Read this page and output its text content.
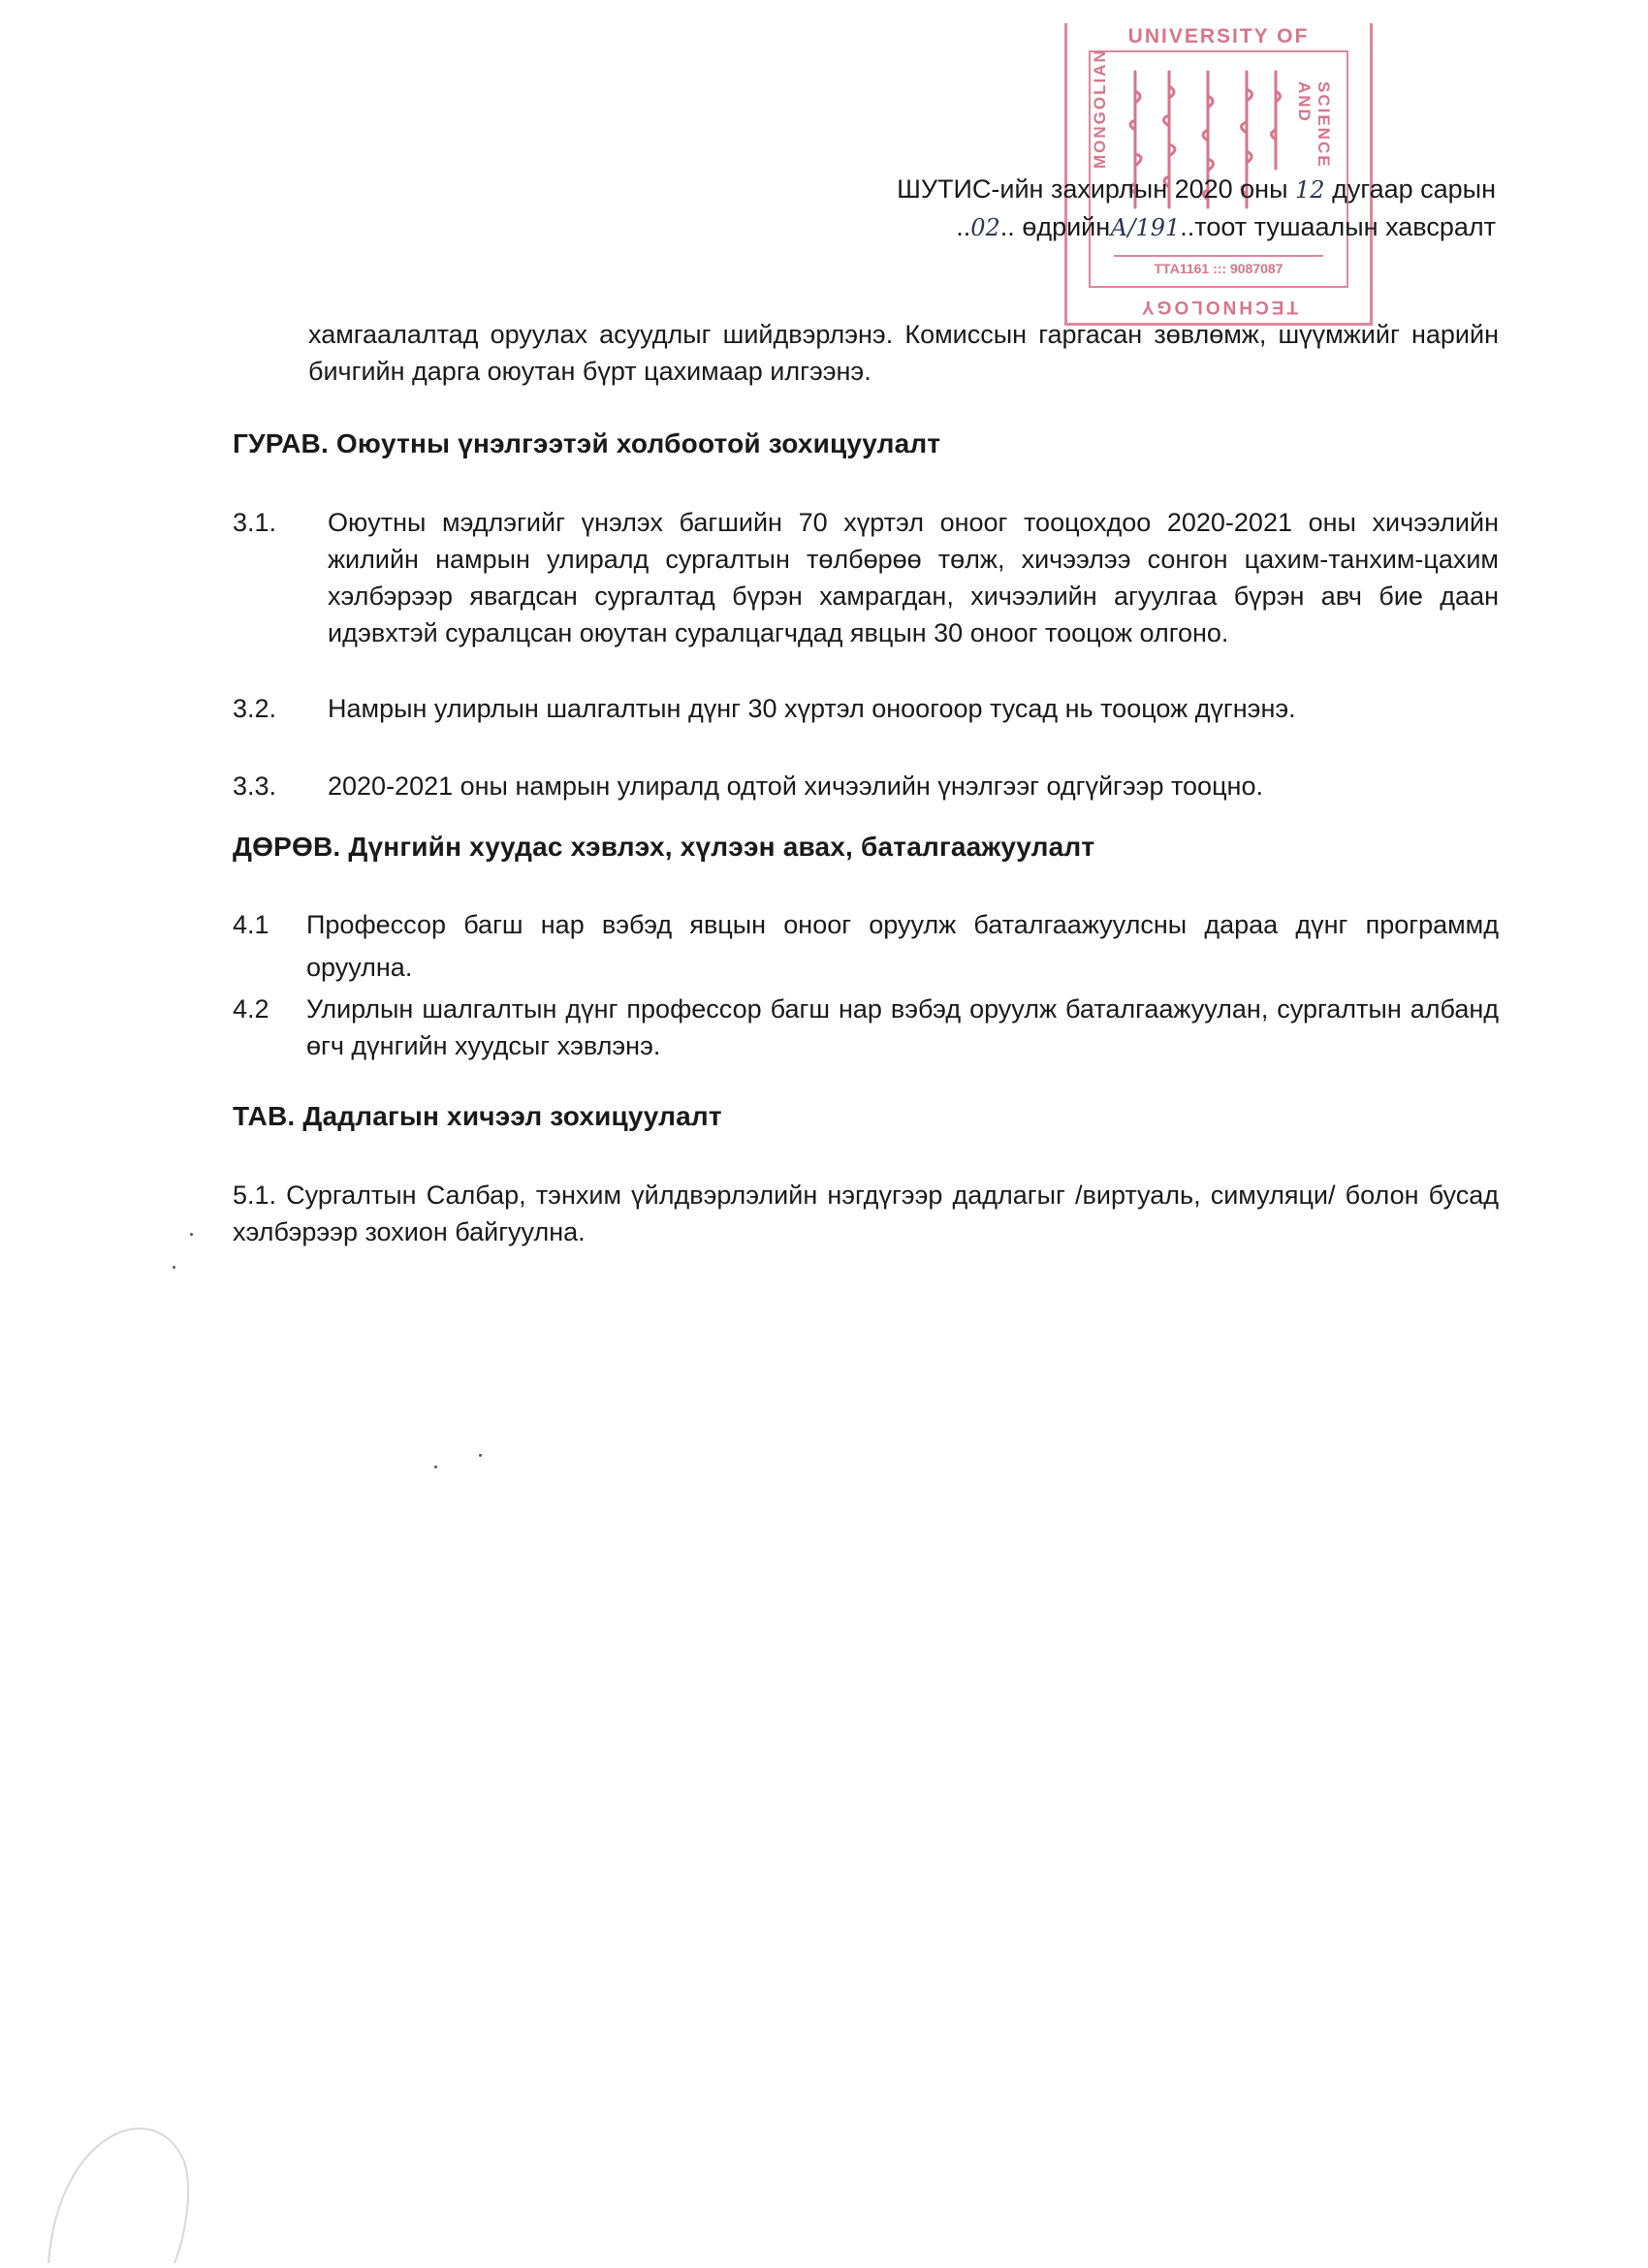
UNIVERSITY OF
MONGOLIAN	SCIENCE AND
ТТА1161 ::: 9087087
TECHNOLOGY
ШУТИС-ийн захирлын 2020 оны 12 дугаар сарын
..02.. өдрийнА/191..тоот тушаалын хавсралт
хамгаалалтад оруулах асуудлыг шийдвэрлэнэ. Комиссын гаргасан зөвлөмж, шүүмжийг нарийн бичгийн дарга оюутан бүрт цахимаар илгээнэ.
ГУРАВ. Оюутны үнэлгээтэй холбоотой зохицуулалт
3.1. Оюутны мэдлэгийг үнэлэх багшийн 70 хүртэл оноог тооцохдоо 2020-2021 оны хичээлийн жилийн намрын улиралд сургалтын төлбөрөө төлж, хичээлээ сонгон цахим-танхим-цахим хэлбэрээр явагдсан сургалтад бүрэн хамрагдан, хичээлийн агуулгаа бүрэн авч бие даан идэвхтэй суралцсан оюутан суралцагчдад явцын 30 оноог тооцож олгоно.
3.2. Намрын улирлын шалгалтын дүнг 30 хүртэл оноогоор тусад нь тооцож дүгнэнэ.
3.3. 2020-2021 оны намрын улиралд одтой хичээлийн үнэлгээг одгүйгээр тооцно.
ДӨРӨВ. Дүнгийн хуудас хэвлэх, хүлээн авах, баталгаажуулалт
4.1 Профессор багш нар вэбэд явцын оноог оруулж баталгаажуулсны дараа дүнг программд оруулна.
4.2 Улирлын шалгалтын дүнг профессор багш нар вэбэд оруулж баталгаажуулан, сургалтын албанд өгч дүнгийн хуудсыг хэвлэнэ.
ТАВ. Дадлагын хичээл зохицуулалт
5.1. Сургалтын Салбар, тэнхим үйлдвэрлэлийн нэгдүгээр дадлагыг /виртуаль, симуляци/ болон бусад хэлбэрээр зохион байгуулна.
